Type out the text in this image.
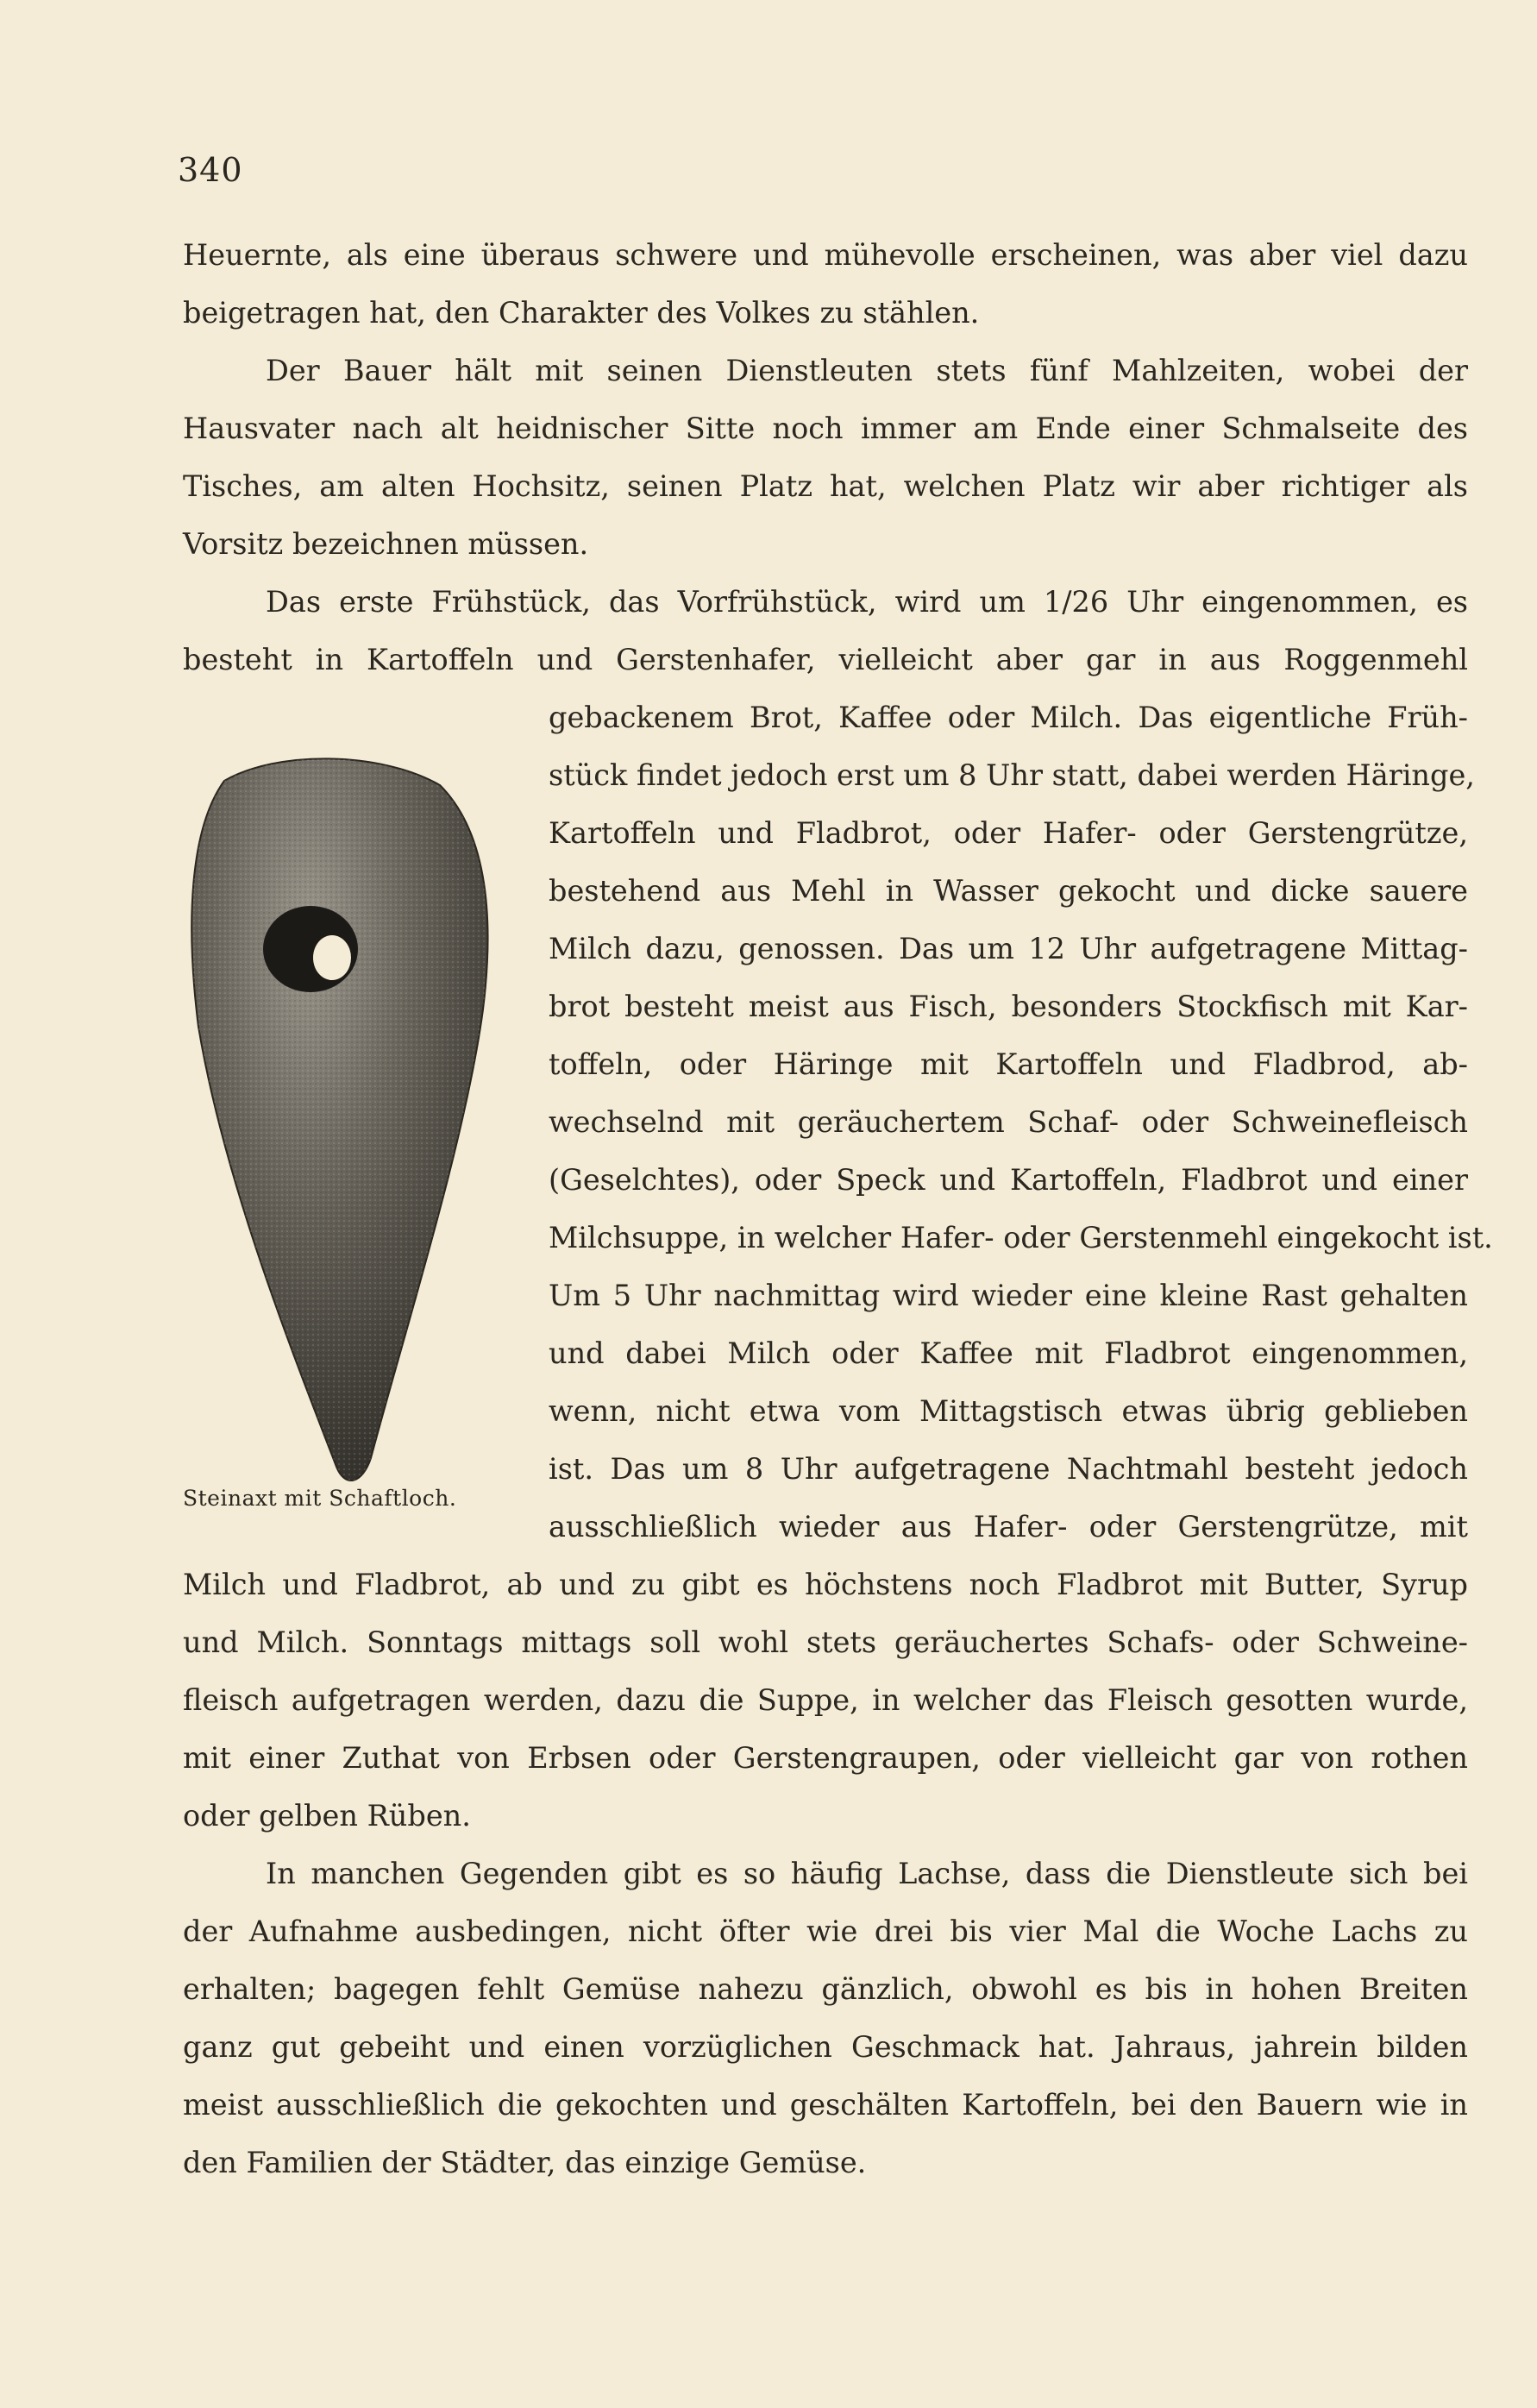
340
Heuernte, als eine überaus schwere und mühevolle erscheinen, was aber viel dazu
beigetragen hat, den Charakter des Volkes zu stählen.
Der Bauer hält mit seinen Dienstleuten stets fünf Mahlzeiten, wobei der
Hausvater nach alt heidnischer Sitte noch immer am Ende einer Schmalseite des
Tisches, am alten Hochsitz, seinen Platz hat, welchen Platz wir aber richtiger als
Vorsitz bezeichnen müssen.
Das erste Frühstück, das Vorfrühstück, wird um 1/26 Uhr eingenommen, es
besteht in Kartoffeln und Gerstenhafer, vielleicht aber gar in aus Roggenmehl
Steinaxt mit Schaftloch.
gebackenem Brot, Kaffee oder Milch. Das eigentliche Früh-
stück findet jedoch erst um 8 Uhr statt, dabei werden Häringe,
Kartoffeln und Fladbrot, oder Hafer- oder Gerstengrütze,
bestehend aus Mehl in Wasser gekocht und dicke sauere
Milch dazu, genossen. Das um 12 Uhr aufgetragene Mittag-
brot besteht meist aus Fisch, besonders Stockfisch mit Kar-
toffeln, oder Häringe mit Kartoffeln und Fladbrod, ab-
wechselnd mit geräuchertem Schaf- oder Schweinefleisch
(Geselchtes), oder Speck und Kartoffeln, Fladbrot und einer
Milchsuppe, in welcher Hafer- oder Gerstenmehl eingekocht ist.
Um 5 Uhr nachmittag wird wieder eine kleine Rast gehalten
und dabei Milch oder Kaffee mit Fladbrot eingenommen,
wenn, nicht etwa vom Mittagstisch etwas übrig geblieben
ist. Das um 8 Uhr aufgetragene Nachtmahl besteht jedoch
ausschließlich wieder aus Hafer- oder Gerstengrütze, mit
Milch und Fladbrot, ab und zu gibt es höchstens noch Fladbrot mit Butter, Syrup
und Milch. Sonntags mittags soll wohl stets geräuchertes Schafs- oder Schweine-
fleisch aufgetragen werden, dazu die Suppe, in welcher das Fleisch gesotten wurde,
mit einer Zuthat von Erbsen oder Gerstengraupen, oder vielleicht gar von rothen
oder gelben Rüben.
In manchen Gegenden gibt es so häufig Lachse, dass die Dienstleute sich bei
der Aufnahme ausbedingen, nicht öfter wie drei bis vier Mal die Woche Lachs zu
erhalten; bagegen fehlt Gemüse nahezu gänzlich, obwohl es bis in hohen Breiten
ganz gut gebeiht und einen vorzüglichen Geschmack hat. Jahraus, jahrein bilden
meist ausschließlich die gekochten und geschälten Kartoffeln, bei den Bauern wie in
den Familien der Städter, das einzige Gemüse.
